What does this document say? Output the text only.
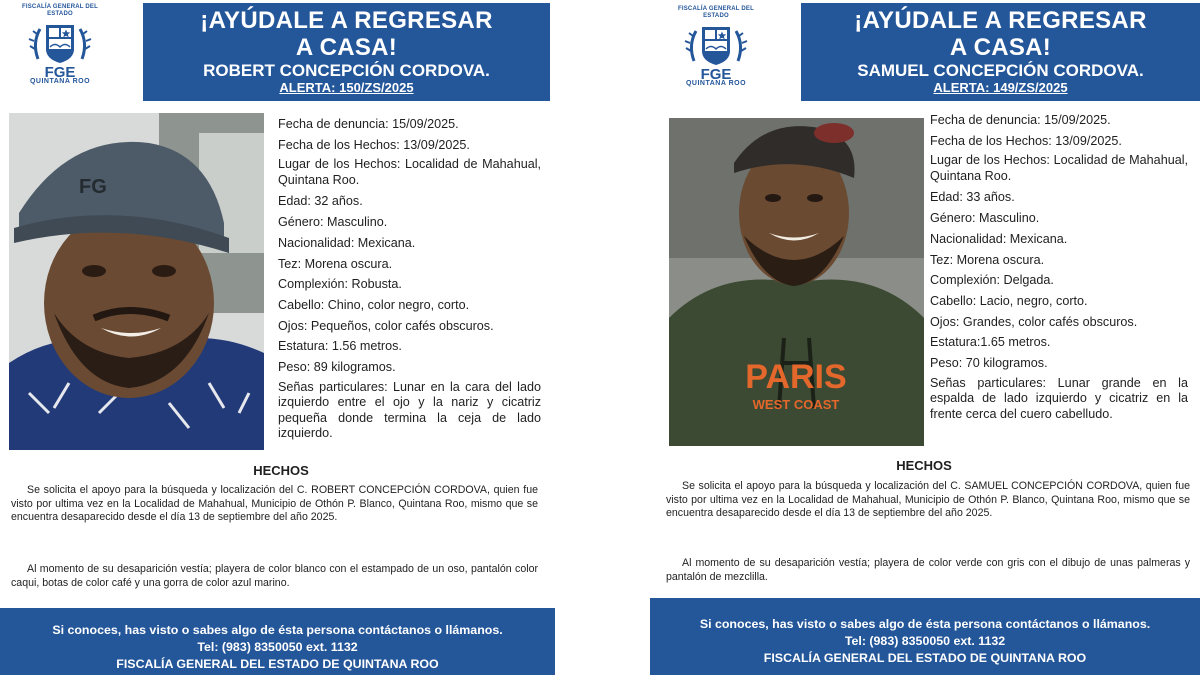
FISCALÍA GENERAL DEL ESTADO
FGE
QUINTANA ROO
¡AYÚDALE A REGRESAR
A CASA!
ROBERT CONCEPCIÓN CORDOVA.
ALERTA: 150/ZS/2025
FG

Fecha de denuncia: 15/09/2025.

Fecha de los Hechos: 13/09/2025.

Lugar de los Hechos: Localidad de Mahahual, Quintana Roo.

Edad: 32 años.

Género: Masculino.

Nacionalidad: Mexicana.

Tez: Morena oscura.

Complexión: Robusta.

Cabello: Chino, color negro, corto.

Ojos: Pequeños, color cafés obscuros.

Estatura: 1.56 metros.

Peso: 89 kilogramos.

Señas particulares: Lunar en la cara del lado izquierdo entre el ojo y la nariz y cicatriz pequeña donde termina la ceja de lado izquierdo.

HECHOS
Se solicita el apoyo para la búsqueda y localización del C. ROBERT CONCEPCIÓN CORDOVA, quien fue visto por ultima vez en la Localidad de Mahahual, Municipio de Othón P. Blanco, Quintana Roo, mismo que se encuentra desaparecido desde el día 13 de septiembre del año 2025.
Al momento de su desaparición vestía; playera de color blanco con el estampado de un oso, pantalón color caqui, botas de color café y una gorra de color azul marino.
Si conoces, has visto o sabes algo de ésta persona contáctanos o llámanos.
Tel: (983) 8350050 ext. 1132
FISCALÍA GENERAL DEL ESTADO DE QUINTANA ROO
FISCALÍA GENERAL DEL ESTADO
FGE
QUINTANA ROO
¡AYÚDALE A REGRESAR
A CASA!
SAMUEL CONCEPCIÓN CORDOVA.
ALERTA: 149/ZS/2025
PARIS
WEST COAST

Fecha de denuncia: 15/09/2025.

Fecha de los Hechos: 13/09/2025.

Lugar de los Hechos: Localidad de Mahahual, Quintana Roo.

Edad: 33 años.

Género: Masculino.

Nacionalidad: Mexicana.

Tez: Morena oscura.

Complexión: Delgada.

Cabello: Lacio, negro, corto.

Ojos: Grandes, color cafés obscuros.

Estatura:1.65 metros.

Peso: 70 kilogramos.

Señas particulares: Lunar grande en la espalda de lado izquierdo y cicatriz en la frente cerca del cuero cabelludo.

HECHOS
Se solicita el apoyo para la búsqueda y localización del C. SAMUEL CONCEPCIÓN CORDOVA, quien fue visto por ultima vez en la Localidad de Mahahual, Municipio de Othón P. Blanco, Quintana Roo, mismo que se encuentra desaparecido desde el día 13 de septiembre del año 2025.
Al momento de su desaparición vestía; playera de color verde con gris con el dibujo de unas palmeras y pantalón de mezclilla.
Si conoces, has visto o sabes algo de ésta persona contáctanos o llámanos.
Tel: (983) 8350050 ext. 1132
FISCALÍA GENERAL DEL ESTADO DE QUINTANA ROO
